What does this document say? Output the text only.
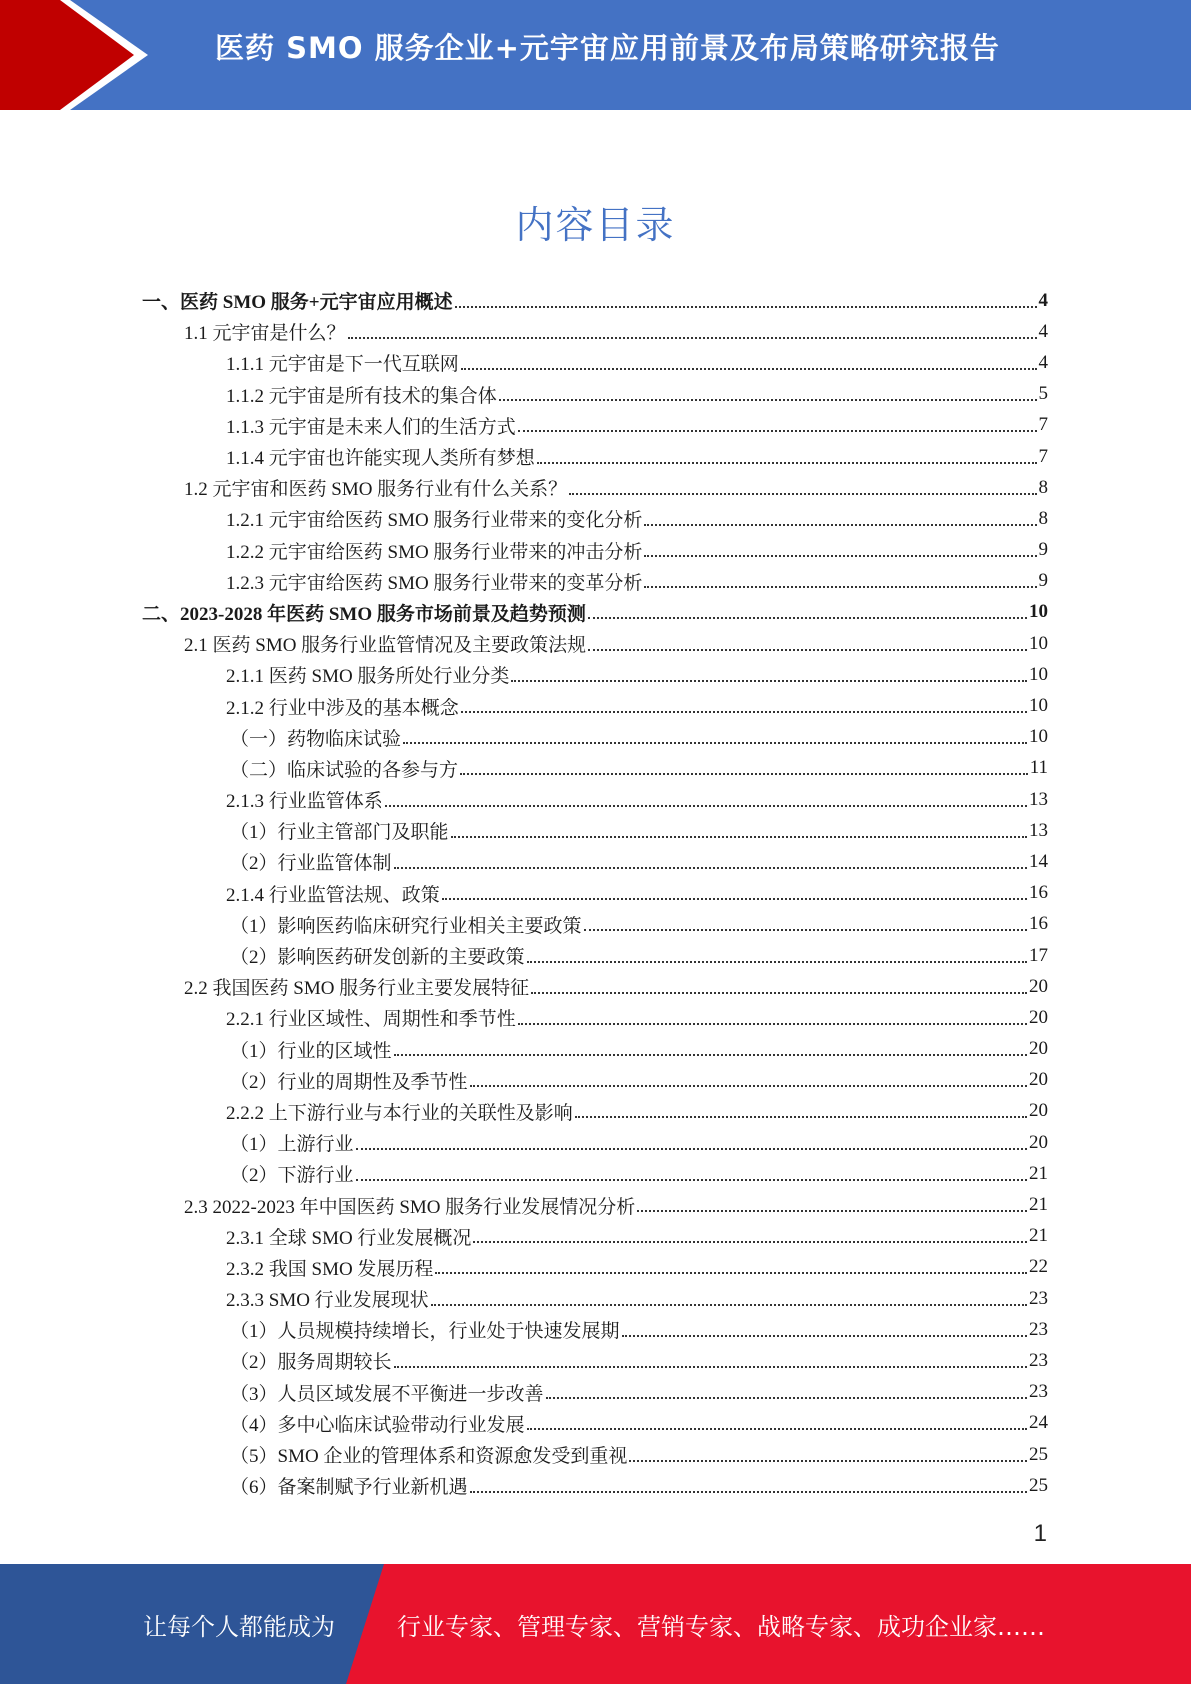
医药 SMO 服务企业+元宇宙应用前景及布局策略研究报告
内容目录
一、医药 SMO 服务+元宇宙应用概述	4
1.1 元宇宙是什么？	4
1.1.1 元宇宙是下一代互联网	4
1.1.2 元宇宙是所有技术的集合体	5
1.1.3 元宇宙是未来人们的生活方式	7
1.1.4 元宇宙也许能实现人类所有梦想	7
1.2 元宇宙和医药 SMO 服务行业有什么关系？	8
1.2.1 元宇宙给医药 SMO 服务行业带来的变化分析	8
1.2.2 元宇宙给医药 SMO 服务行业带来的冲击分析	9
1.2.3 元宇宙给医药 SMO 服务行业带来的变革分析	9
二、2023-2028 年医药 SMO 服务市场前景及趋势预测	10
2.1 医药 SMO 服务行业监管情况及主要政策法规	10
2.1.1 医药 SMO 服务所处行业分类	10
2.1.2 行业中涉及的基本概念	10
（一）药物临床试验	10
（二）临床试验的各参与方	11
2.1.3 行业监管体系	13
（1）行业主管部门及职能	13
（2）行业监管体制	14
2.1.4 行业监管法规、政策	16
（1）影响医药临床研究行业相关主要政策	16
（2）影响医药研发创新的主要政策	17
2.2 我国医药 SMO 服务行业主要发展特征	20
2.2.1 行业区域性、周期性和季节性	20
（1）行业的区域性	20
（2）行业的周期性及季节性	20
2.2.2 上下游行业与本行业的关联性及影响	20
（1）上游行业	20
（2）下游行业	21
2.3 2022-2023 年中国医药 SMO 服务行业发展情况分析	21
2.3.1 全球 SMO 行业发展概况	21
2.3.2 我国 SMO 发展历程	22
2.3.3 SMO 行业发展现状	23
（1）人员规模持续增长，行业处于快速发展期	23
（2）服务周期较长	23
（3）人员区域发展不平衡进一步改善	23
（4）多中心临床试验带动行业发展	24
（5）SMO 企业的管理体系和资源愈发受到重视	25
（6）备案制赋予行业新机遇	25
1
让每个人都能成为	行业专家、管理专家、营销专家、战略专家、成功企业家……
